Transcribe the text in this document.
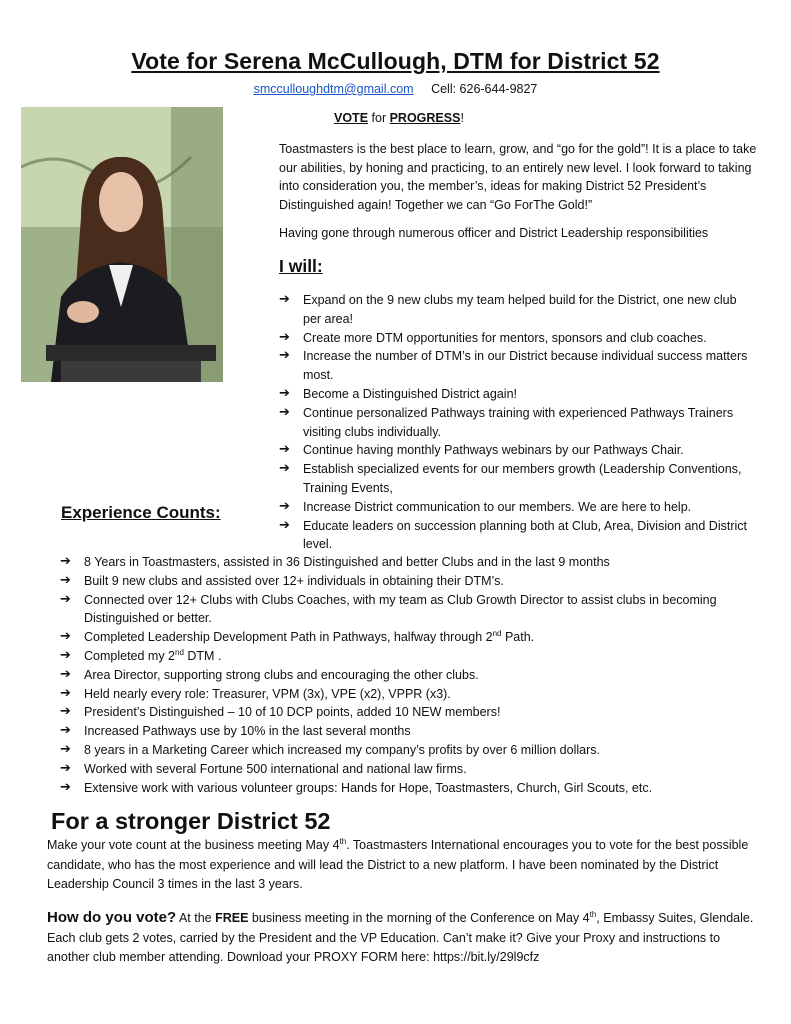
Vote for Serena McCullough, DTM for District 52
smcculloughdtm@gmail.com Cell: 626-644-9827
VOTE for PROGRESS!

Toastmasters is the best place to learn, grow, and “go for the gold”! It is a place to take our abilities, by honing and practicing, to an entirely new level. I look forward to taking into consideration you, the member’s, ideas for making District 52 President’s Distinguished again! Together we can “Go ForThe Gold!”

Having gone through numerous officer and District Leadership responsibilities

I will:
➔ Expand on the 9 new clubs my team helped build for the District, one new club per area!
➔ Create more DTM opportunities for mentors, sponsors and club coaches.
➔ Increase the number of DTM’s in our District because individual success matters most.
➔ Become a Distinguished District again!
➔ Continue personalized Pathways training with experienced Pathways Trainers visiting clubs individually.
➔ Continue having monthly Pathways webinars by our Pathways Chair.
➔ Establish specialized events for our members growth (Leadership Conventions, Training Events,
➔ Increase District communication to our members. We are here to help.
➔ Educate leaders on succession planning both at Club, Area, Division and District level.
Experience Counts:
➔ 8 Years in Toastmasters, assisted in 36 Distinguished and better Clubs and in the last 9 months
➔ Built 9 new clubs and assisted over 12+ individuals in obtaining their DTM’s.
➔ Connected over 12+ Clubs with Clubs Coaches, with my team as Club Growth Director to assist clubs in becoming Distinguished or better.
➔ Completed Leadership Development Path in Pathways, halfway through 2nd Path.
➔ Completed my 2nd DTM .
➔ Area Director, supporting strong clubs and encouraging the other clubs.
➔ Held nearly every role: Treasurer, VPM (3x), VPE (x2), VPPR (x3).
➔ President’s Distinguished – 10 of 10 DCP points, added 10 NEW members!
➔ Increased Pathways use by 10% in the last several months
➔ 8 years in a Marketing Career which increased my company’s profits by over 6 million dollars.
➔ Worked with several Fortune 500 international and national law firms.
➔ Extensive work with various volunteer groups: Hands for Hope, Toastmasters, Church, Girl Scouts, etc.
For a stronger District 52
Make your vote count at the business meeting May 4th. Toastmasters International encourages you to vote for the best possible candidate, who has the most experience and will lead the District to a new platform. I have been nominated by the District Leadership Council 3 times in the last 3 years.
How do you vote? At the FREE business meeting in the morning of the Conference on May 4th, Embassy Suites, Glendale. Each club gets 2 votes, carried by the President and the VP Education. Can’t make it? Give your Proxy and instructions to another club member attending. Download your PROXY FORM here: https://bit.ly/29l9cfz
